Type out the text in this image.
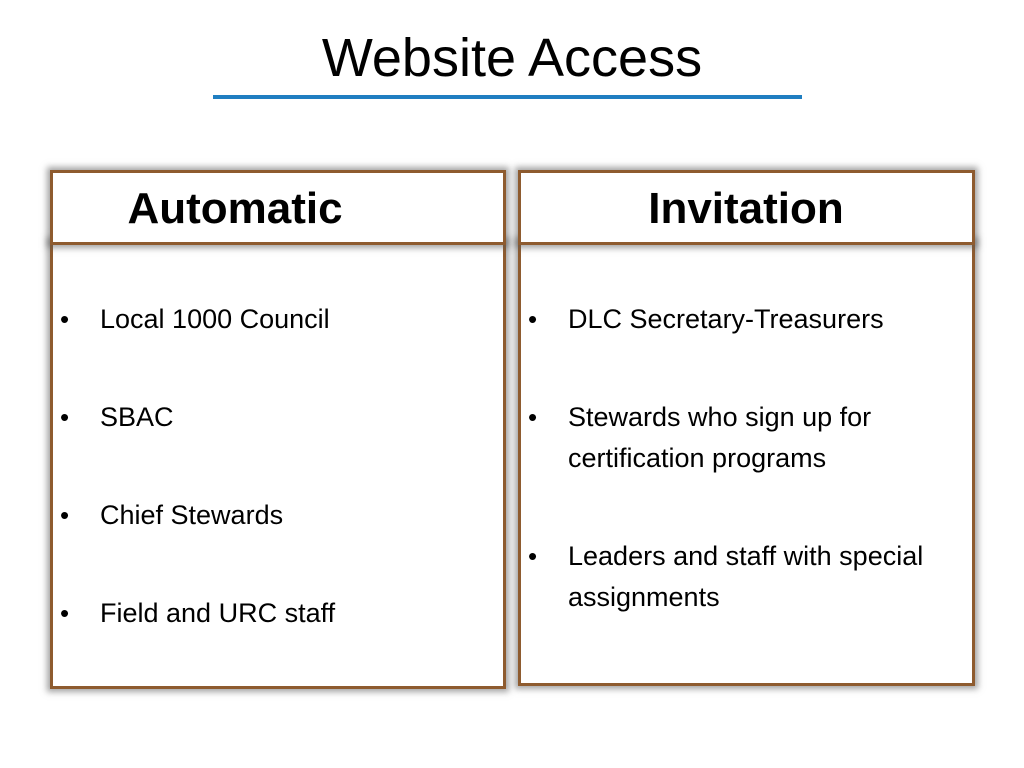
Website Access
Automatic
• Local 1000 Council
• SBAC
• Chief Stewards
• Field and URC staff
Invitation
• DLC Secretary-Treasurers
• Stewards who sign up for certification programs
• Leaders and staff with special assignments
